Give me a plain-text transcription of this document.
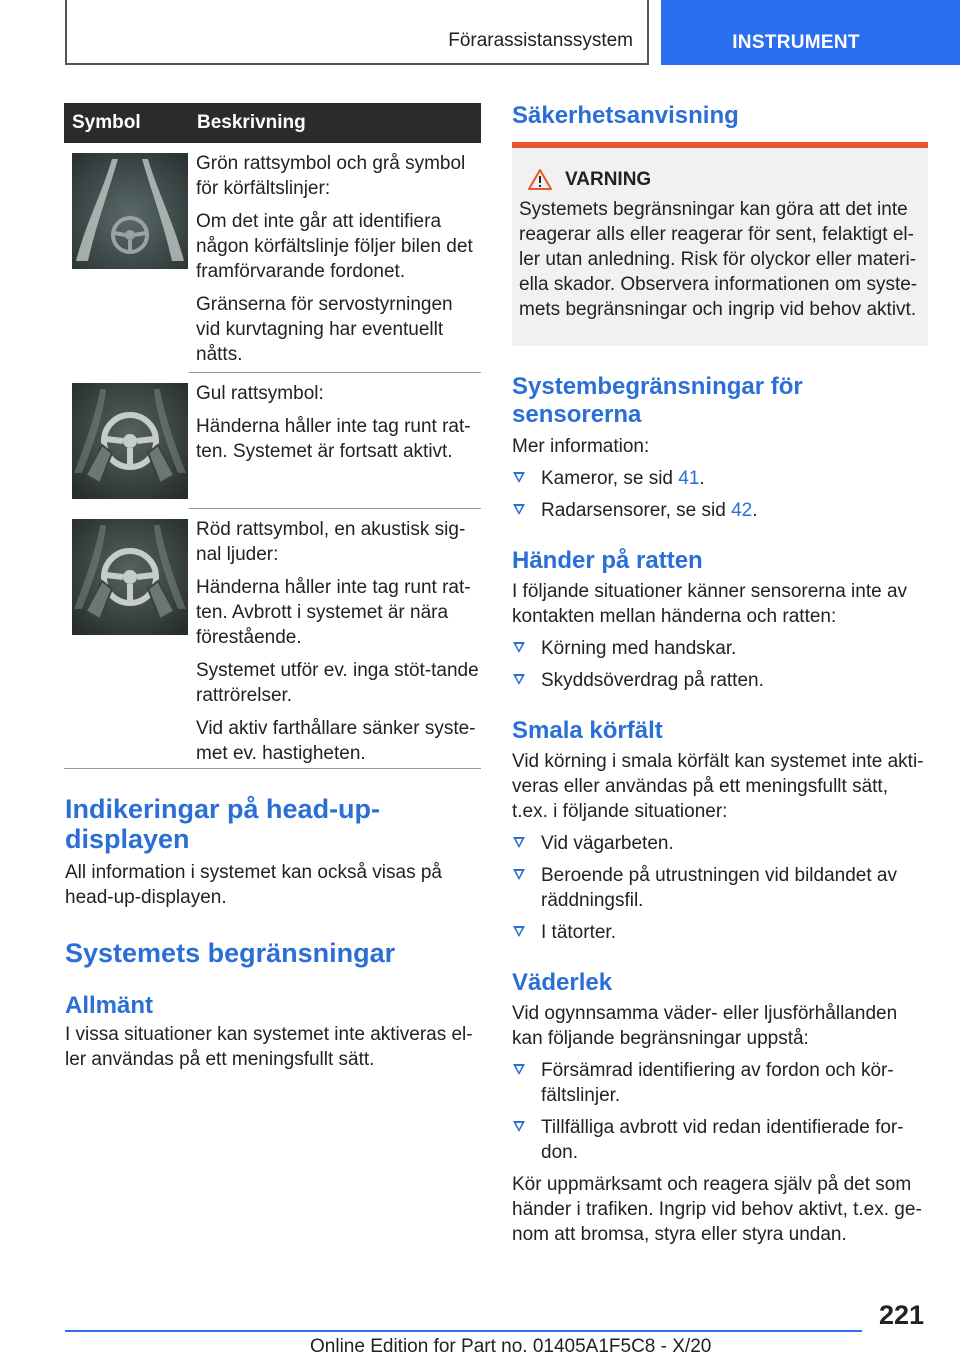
Förarassistanssystem	INSTRUMENT
Symbol	Beskrivning

Grön rattsymbol och grå symbol för körfältslinjer:

Om det inte går att identifiera någon körfältslinje följer bilen det framförvarande fordonet.

Gränserna för servostyrningen vid kurvtagning har eventuellt nåtts.

Gul rattsymbol:

Händerna håller inte tag runt rat-ten. Systemet är fortsatt aktivt.

Röd rattsymbol, en akustisk sig-nal ljuder:

Händerna håller inte tag runt rat-ten. Avbrott i systemet är nära förestående.

Systemet utför ev. inga stöt-tande rattrörelser.

Vid aktiv farthållare sänker syste-met ev. hastigheten.

Indikeringar på head-up-displayen

All information i systemet kan också visas på head-up-displayen.

Systemets begränsningar
Allmänt

I vissa situationer kan systemet inte aktiveras el-ler användas på ett meningsfullt sätt.

Säkerhetsanvisning
VARNING

Systemets begränsningar kan göra att det inte reagerar alls eller reagerar för sent, felaktigt el-ler utan anledning. Risk för olyckor eller materi-ella skador. Observera informationen om syste-mets begränsningar och ingrip vid behov aktivt.

Systembegränsningar för sensorerna

Mer information:

Kameror, se sid 41.
Radarsensorer, se sid 42.
Händer på ratten

I följande situationer känner sensorerna inte av kontakten mellan händerna och ratten:

Körning med handskar.
Skyddsöverdrag på ratten.
Smala körfält

Vid körning i smala körfält kan systemet inte akti-veras eller användas på ett meningsfullt sätt, t.ex. i följande situationer:

Vid vägarbeten.
Beroende på utrustningen vid bildandet av räddningsfil.
I tätorter.
Väderlek

Vid ogynnsamma väder- eller ljusförhållanden kan följande begränsningar uppstå:

Försämrad identifiering av fordon och kör-fältslinjer.
Tillfälliga avbrott vid redan identifierade for-don.

Kör uppmärksamt och reagera själv på det som händer i trafiken. Ingrip vid behov aktivt, t.ex. ge-nom att bromsa, styra eller styra undan.

221
Online Edition for Part no. 01405A1F5C8 - X/20
